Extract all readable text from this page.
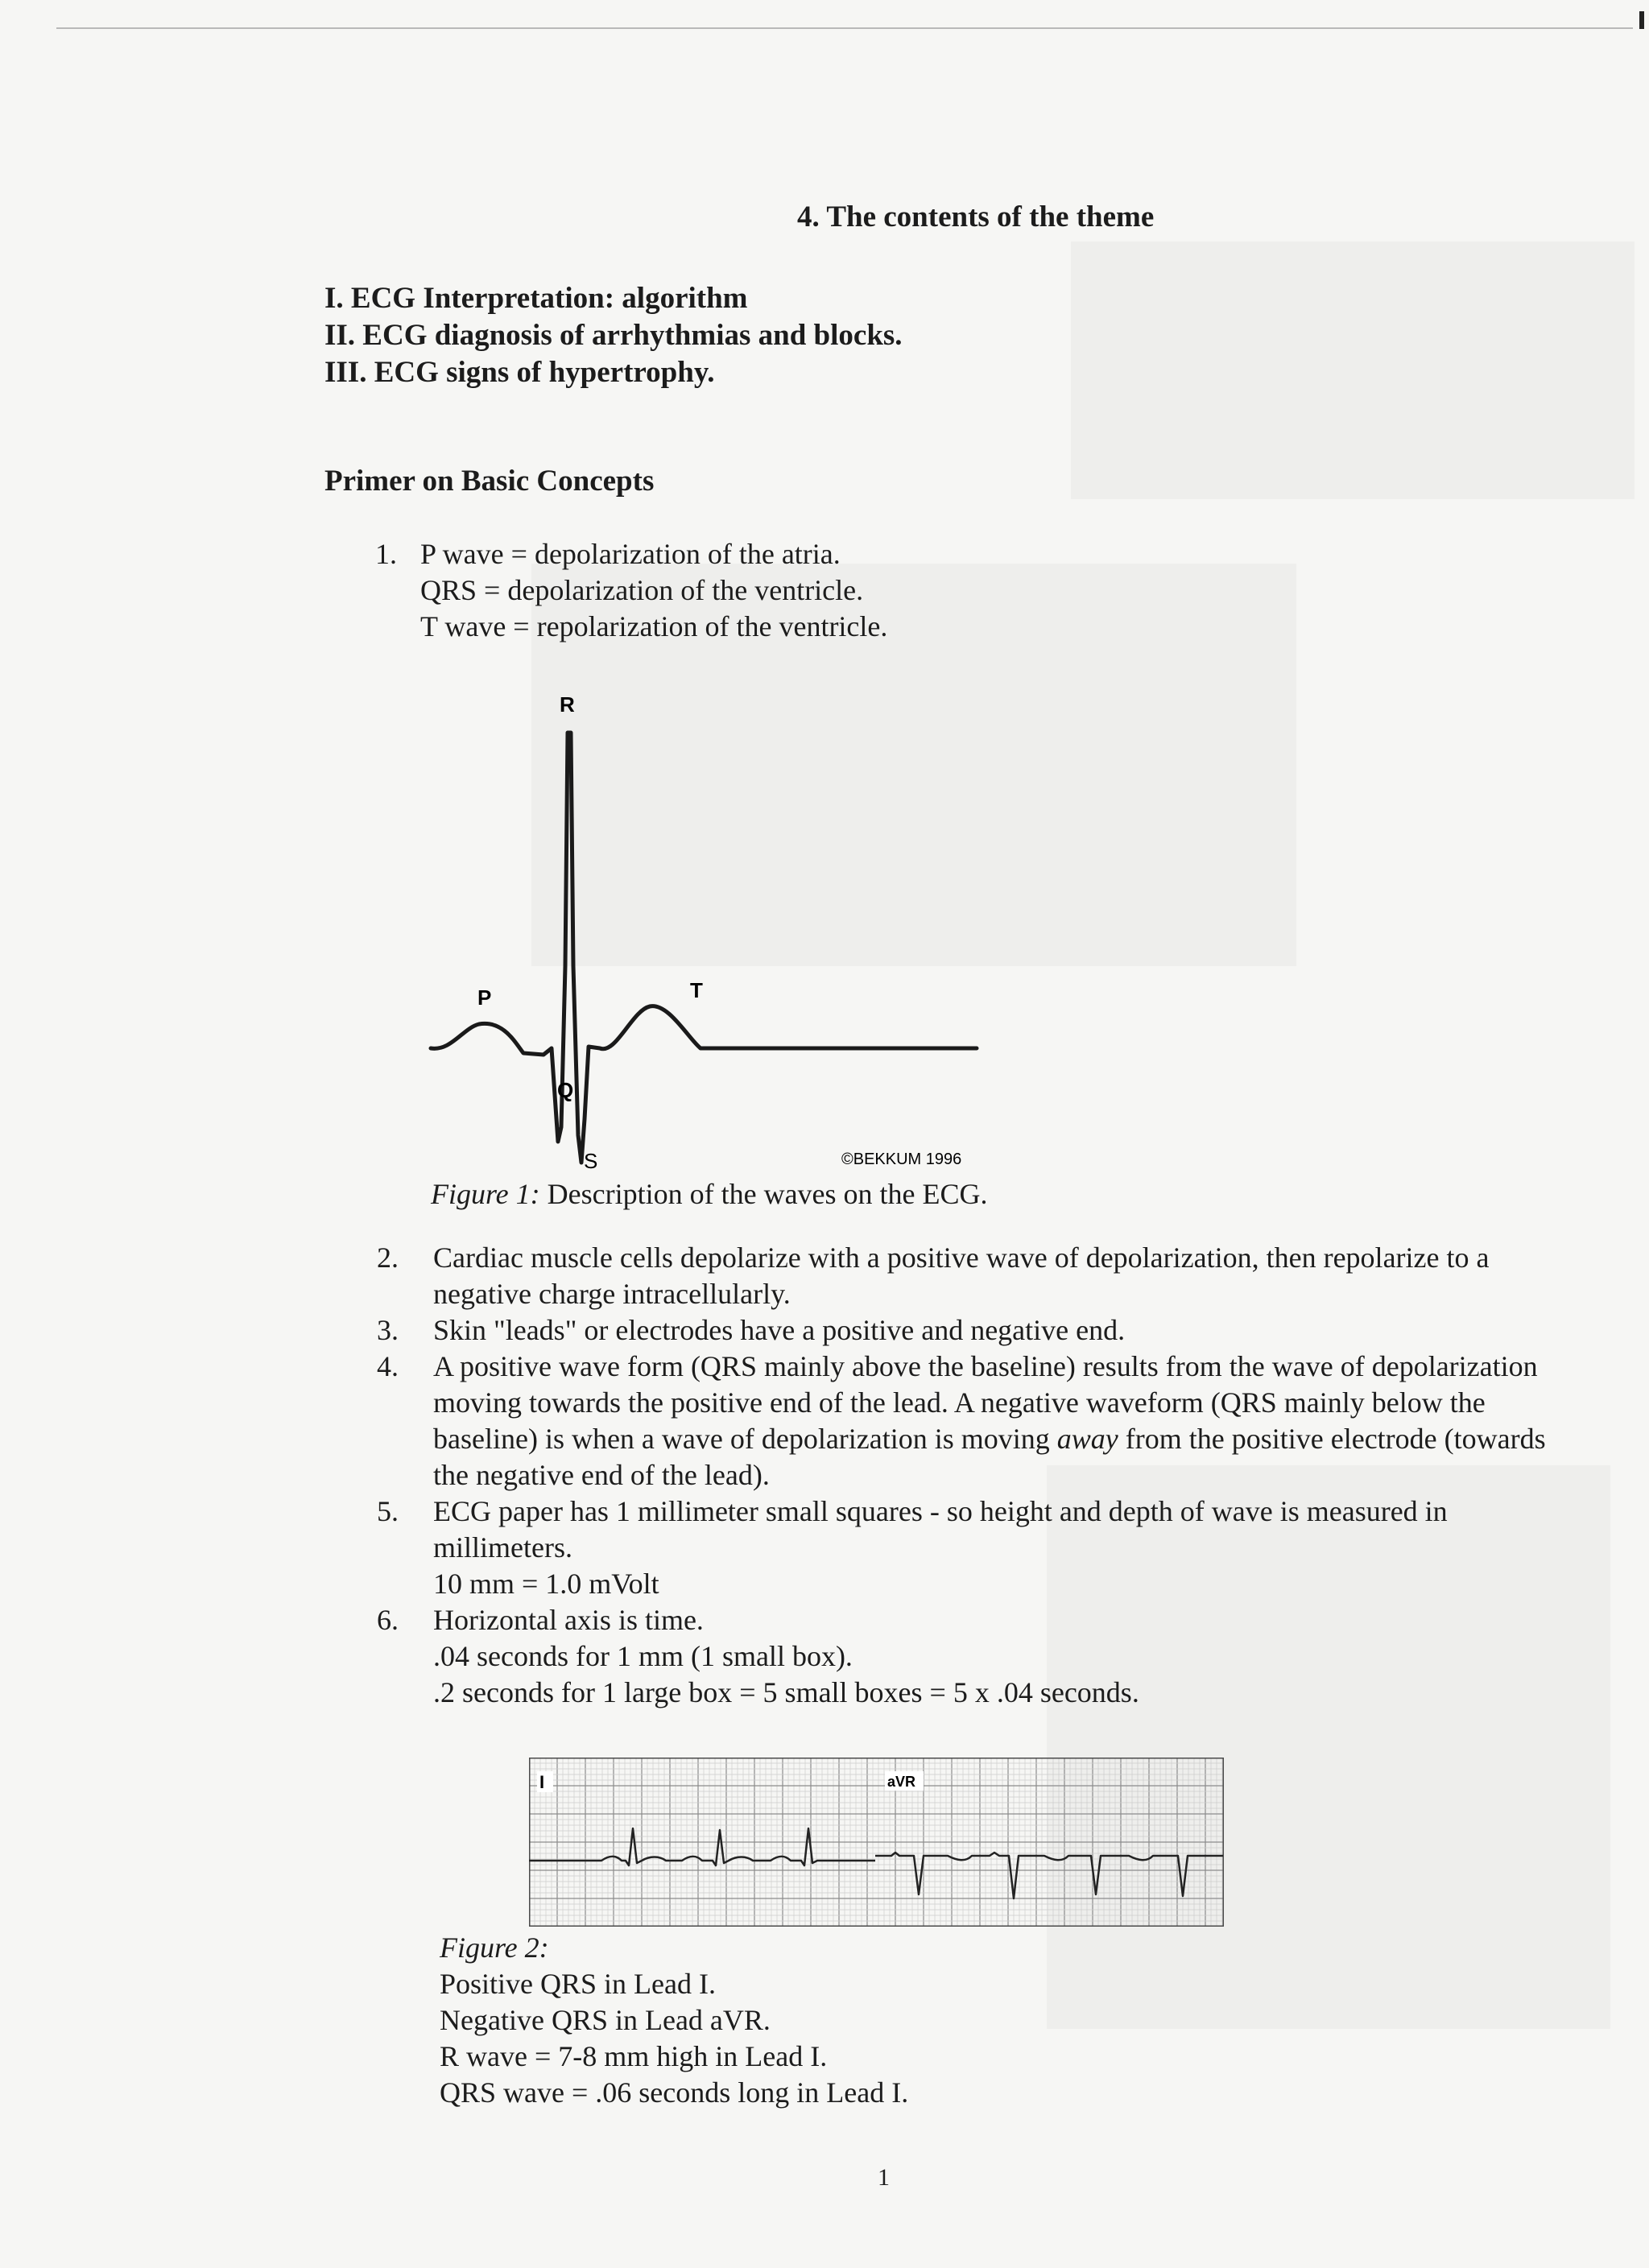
4. The contents of the theme
I. ECG Interpretation: algorithm
II. ECG diagnosis of arrhythmias and blocks.
III. ECG signs of hypertrophy.
Primer on Basic Concepts
1. P wave = depolarization of the atria.
QRS = depolarization of the ventricle.
T wave = repolarization of the ventricle.
R
P	T
Q
S	©BEKKUM 1996
Figure 1: Description of the waves on the ECG.
2. Cardiac muscle cells depolarize with a positive wave of depolarization, then repolarize to a negative charge intracellularly.
3. Skin "leads" or electrodes have a positive and negative end.
4. A positive wave form (QRS mainly above the baseline) results from the wave of depolarization moving towards the positive end of the lead. A negative waveform (QRS mainly below the baseline) is when a wave of depolarization is moving away from the positive electrode (towards the negative end of the lead).
5. ECG paper has 1 millimeter small squares - so height and depth of wave is measured in millimeters.
10 mm = 1.0 mVolt
6. Horizontal axis is time.
.04 seconds for 1 mm (1 small box).
.2 seconds for 1 large box = 5 small boxes = 5 x .04 seconds.
I	aVR
Figure 2:
Positive QRS in Lead I.
Negative QRS in Lead aVR.
R wave = 7-8 mm high in Lead I.
QRS wave = .06 seconds long in Lead I.
1
